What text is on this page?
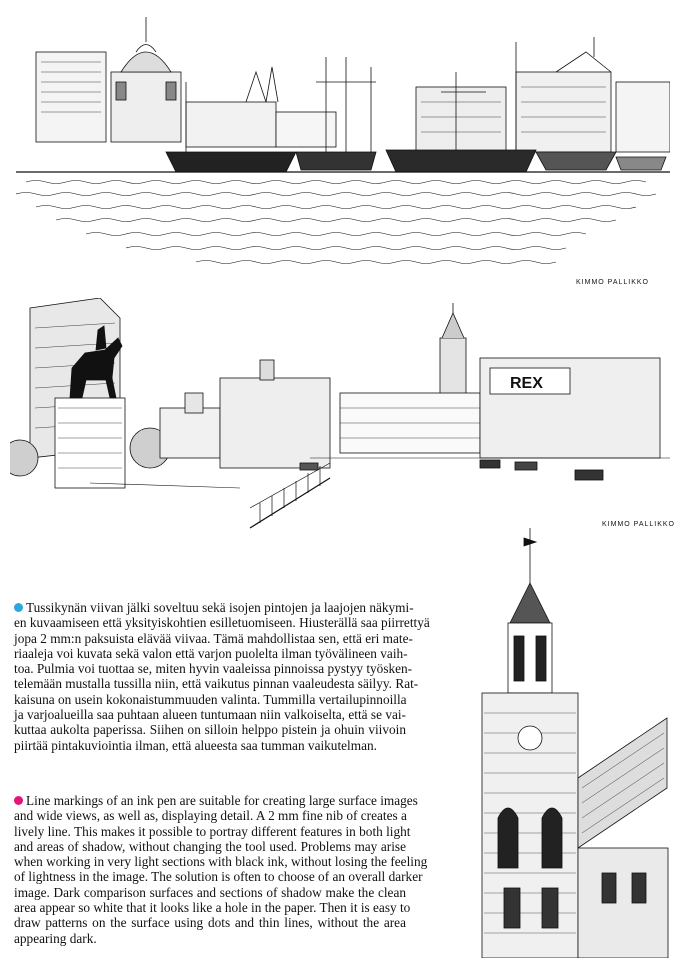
KIMMO PALLIKKO
REX
KIMMO PALLIKKO
Tussikynän viivan jälki soveltuu sekä isojen pintojen ja laajojen näkymi-
en kuvaamiseen että yksityiskohtien esilletuomiseen. Hiusterällä saa piirrettyä
jopa 2 mm:n paksuista elävää viivaa. Tämä mahdollistaa sen, että eri mate-
riaaleja voi kuvata sekä valon että varjon puolelta ilman työvälineen vaih-
toa. Pulmia voi tuottaa se, miten hyvin vaaleissa pinnoissa pystyy työsken-
telemään mustalla tussilla niin, että vaikutus pinnan vaaleudesta säilyy. Rat-
kaisuna on usein kokonaistummuuden valinta. Tummilla vertailupinnoilla
ja varjoalueilla saa puhtaan alueen tuntumaan niin valkoiselta, että se vai-
kuttaa aukolta paperissa. Siihen on silloin helppo pistein ja ohuin viivoin
piirtää pintakuviointia ilman, että alueesta saa tumman vaikutelman.
Line markings of an ink pen are suitable for creating large surface images
and wide views, as well as, displaying detail. A 2 mm fine nib of creates a
lively line. This makes it possible to portray different features in both light
and areas of shadow, without changing the tool used. Problems may arise
when working in very light sections with black ink, without losing the feeling
of lightness in the image. The solution is often to choose of an overall darker
image. Dark comparison surfaces and sections of shadow make the clean
area appear so white that it looks like a hole in the paper. Then it is easy to
draw patterns on the surface using dots and thin lines, without the area
appearing dark.
